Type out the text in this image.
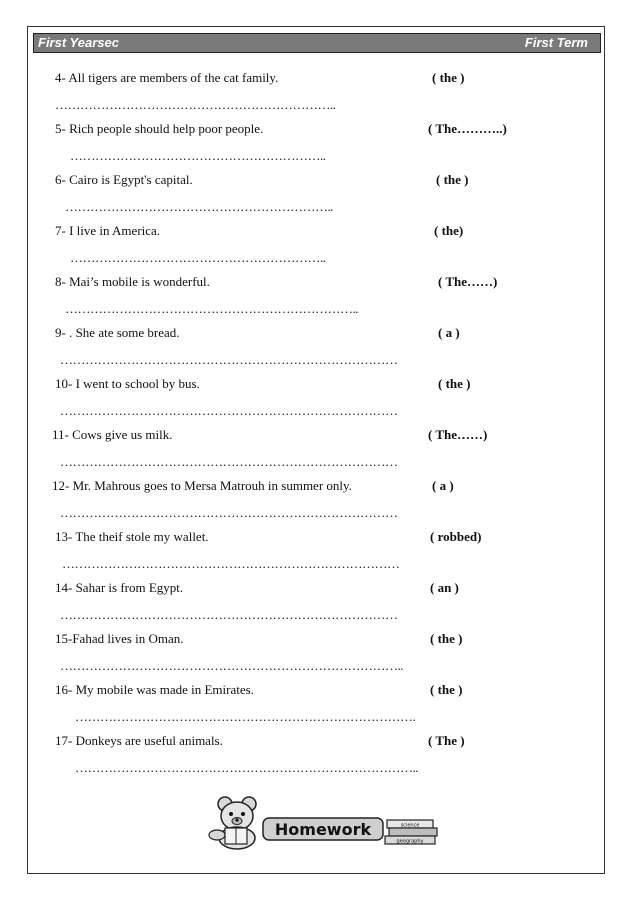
First Yearsec	First Term
4- All tigers are members of the cat family.	( the )
…………………………………………………………..
5- Rich people should help poor people.	( The………..)
……………………………………………………..
6- Cairo is Egypt's capital.	( the )
………………………………………………………..
7- I live in America.	( the)
……………………………………………………..
8- Mai’s mobile is wonderful.	( The……)
……………………………………………………………..
9- . She ate some bread.	( a )
………………………………………………………………………
10- I went to school by bus.	( the )
………………………………………………………………………
11- Cows give us milk.	( The……)
………………………………………………………………………
12- Mr. Mahrous goes to Mersa Matrouh in summer only.	( a )
………………………………………………………………………
13- The theif stole my wallet.	( robbed)
………………………………………………………………………
14- Sahar is from Egypt.	( an )
………………………………………………………………………
15-Fahad lives in Oman.	( the )
………………………………………………………………………..
16- My mobile was made in Emirates.	( the )
……………………………………………………………………….
17- Donkeys are useful animals.	( The )
………………………………………………………………………..
Homework	science
geography
